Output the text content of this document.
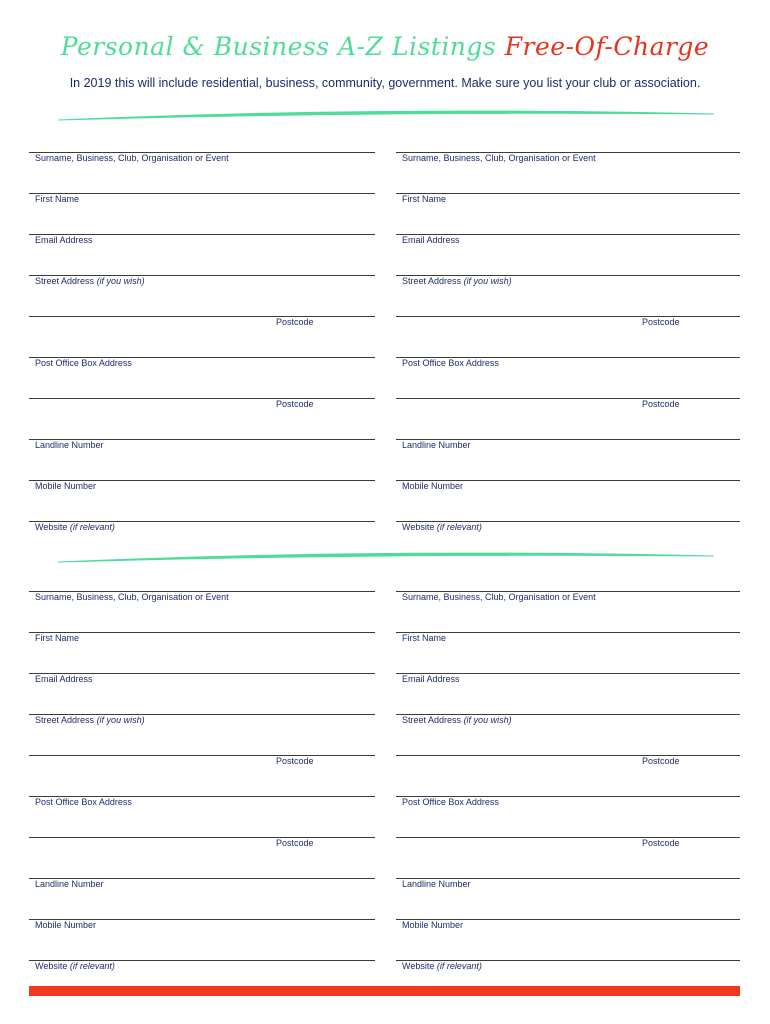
Personal & Business A-Z Listings Free-Of-Charge
In 2019 this will include residential, business, community, government. Make sure you list your club or association.
Surname, Business, Club, Organisation or Event
First Name
Email Address
Street Address (if you wish)
Postcode
Post Office Box Address
Postcode
Landline Number
Mobile Number
Website (if relevant)
Surname, Business, Club, Organisation or Event
First Name
Email Address
Street Address (if you wish)
Postcode
Post Office Box Address
Postcode
Landline Number
Mobile Number
Website (if relevant)
Surname, Business, Club, Organisation or Event
First Name
Email Address
Street Address (if you wish)
Postcode
Post Office Box Address
Postcode
Landline Number
Mobile Number
Website (if relevant)
Surname, Business, Club, Organisation or Event
First Name
Email Address
Street Address (if you wish)
Postcode
Post Office Box Address
Postcode
Landline Number
Mobile Number
Website (if relevant)
